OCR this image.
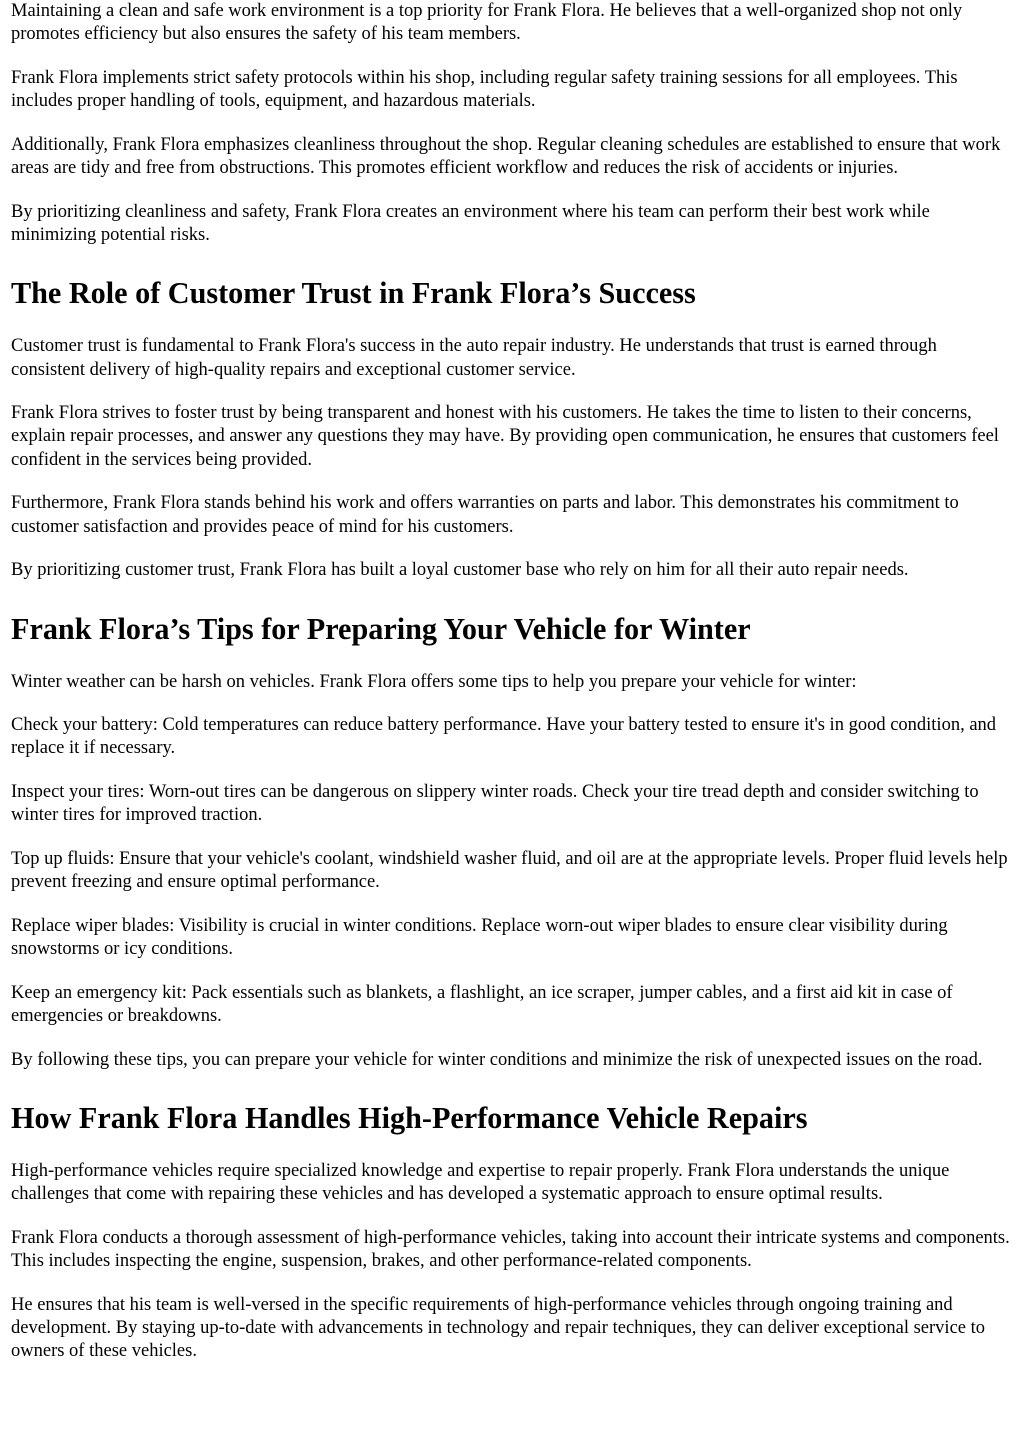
Maintaining a clean and safe work environment is a top priority for Frank Flora. He believes that a well-organized shop not only promotes efficiency but also ensures the safety of his team members.

Frank Flora implements strict safety protocols within his shop, including regular safety training sessions for all employees. This includes proper handling of tools, equipment, and hazardous materials.

Additionally, Frank Flora emphasizes cleanliness throughout the shop. Regular cleaning schedules are established to ensure that work areas are tidy and free from obstructions. This promotes efficient workflow and reduces the risk of accidents or injuries.

By prioritizing cleanliness and safety, Frank Flora creates an environment where his team can perform their best work while minimizing potential risks.

The Role of Customer Trust in Frank Flora’s Success

Customer trust is fundamental to Frank Flora's success in the auto repair industry. He understands that trust is earned through consistent delivery of high-quality repairs and exceptional customer service.

Frank Flora strives to foster trust by being transparent and honest with his customers. He takes the time to listen to their concerns, explain repair processes, and answer any questions they may have. By providing open communication, he ensures that customers feel confident in the services being provided.

Furthermore, Frank Flora stands behind his work and offers warranties on parts and labor. This demonstrates his commitment to customer satisfaction and provides peace of mind for his customers.

By prioritizing customer trust, Frank Flora has built a loyal customer base who rely on him for all their auto repair needs.

Frank Flora’s Tips for Preparing Your Vehicle for Winter

Winter weather can be harsh on vehicles. Frank Flora offers some tips to help you prepare your vehicle for winter:

Check your battery: Cold temperatures can reduce battery performance. Have your battery tested to ensure it's in good condition, and replace it if necessary.

Inspect your tires: Worn-out tires can be dangerous on slippery winter roads. Check your tire tread depth and consider switching to winter tires for improved traction.

Top up fluids: Ensure that your vehicle's coolant, windshield washer fluid, and oil are at the appropriate levels. Proper fluid levels help prevent freezing and ensure optimal performance.

Replace wiper blades: Visibility is crucial in winter conditions. Replace worn-out wiper blades to ensure clear visibility during snowstorms or icy conditions.

Keep an emergency kit: Pack essentials such as blankets, a flashlight, an ice scraper, jumper cables, and a first aid kit in case of emergencies or breakdowns.

By following these tips, you can prepare your vehicle for winter conditions and minimize the risk of unexpected issues on the road.

How Frank Flora Handles High-Performance Vehicle Repairs

High-performance vehicles require specialized knowledge and expertise to repair properly. Frank Flora understands the unique challenges that come with repairing these vehicles and has developed a systematic approach to ensure optimal results.

Frank Flora conducts a thorough assessment of high-performance vehicles, taking into account their intricate systems and components. This includes inspecting the engine, suspension, brakes, and other performance-related components.

He ensures that his team is well-versed in the specific requirements of high-performance vehicles through ongoing training and development. By staying up-to-date with advancements in technology and repair techniques, they can deliver exceptional service to owners of these vehicles.
